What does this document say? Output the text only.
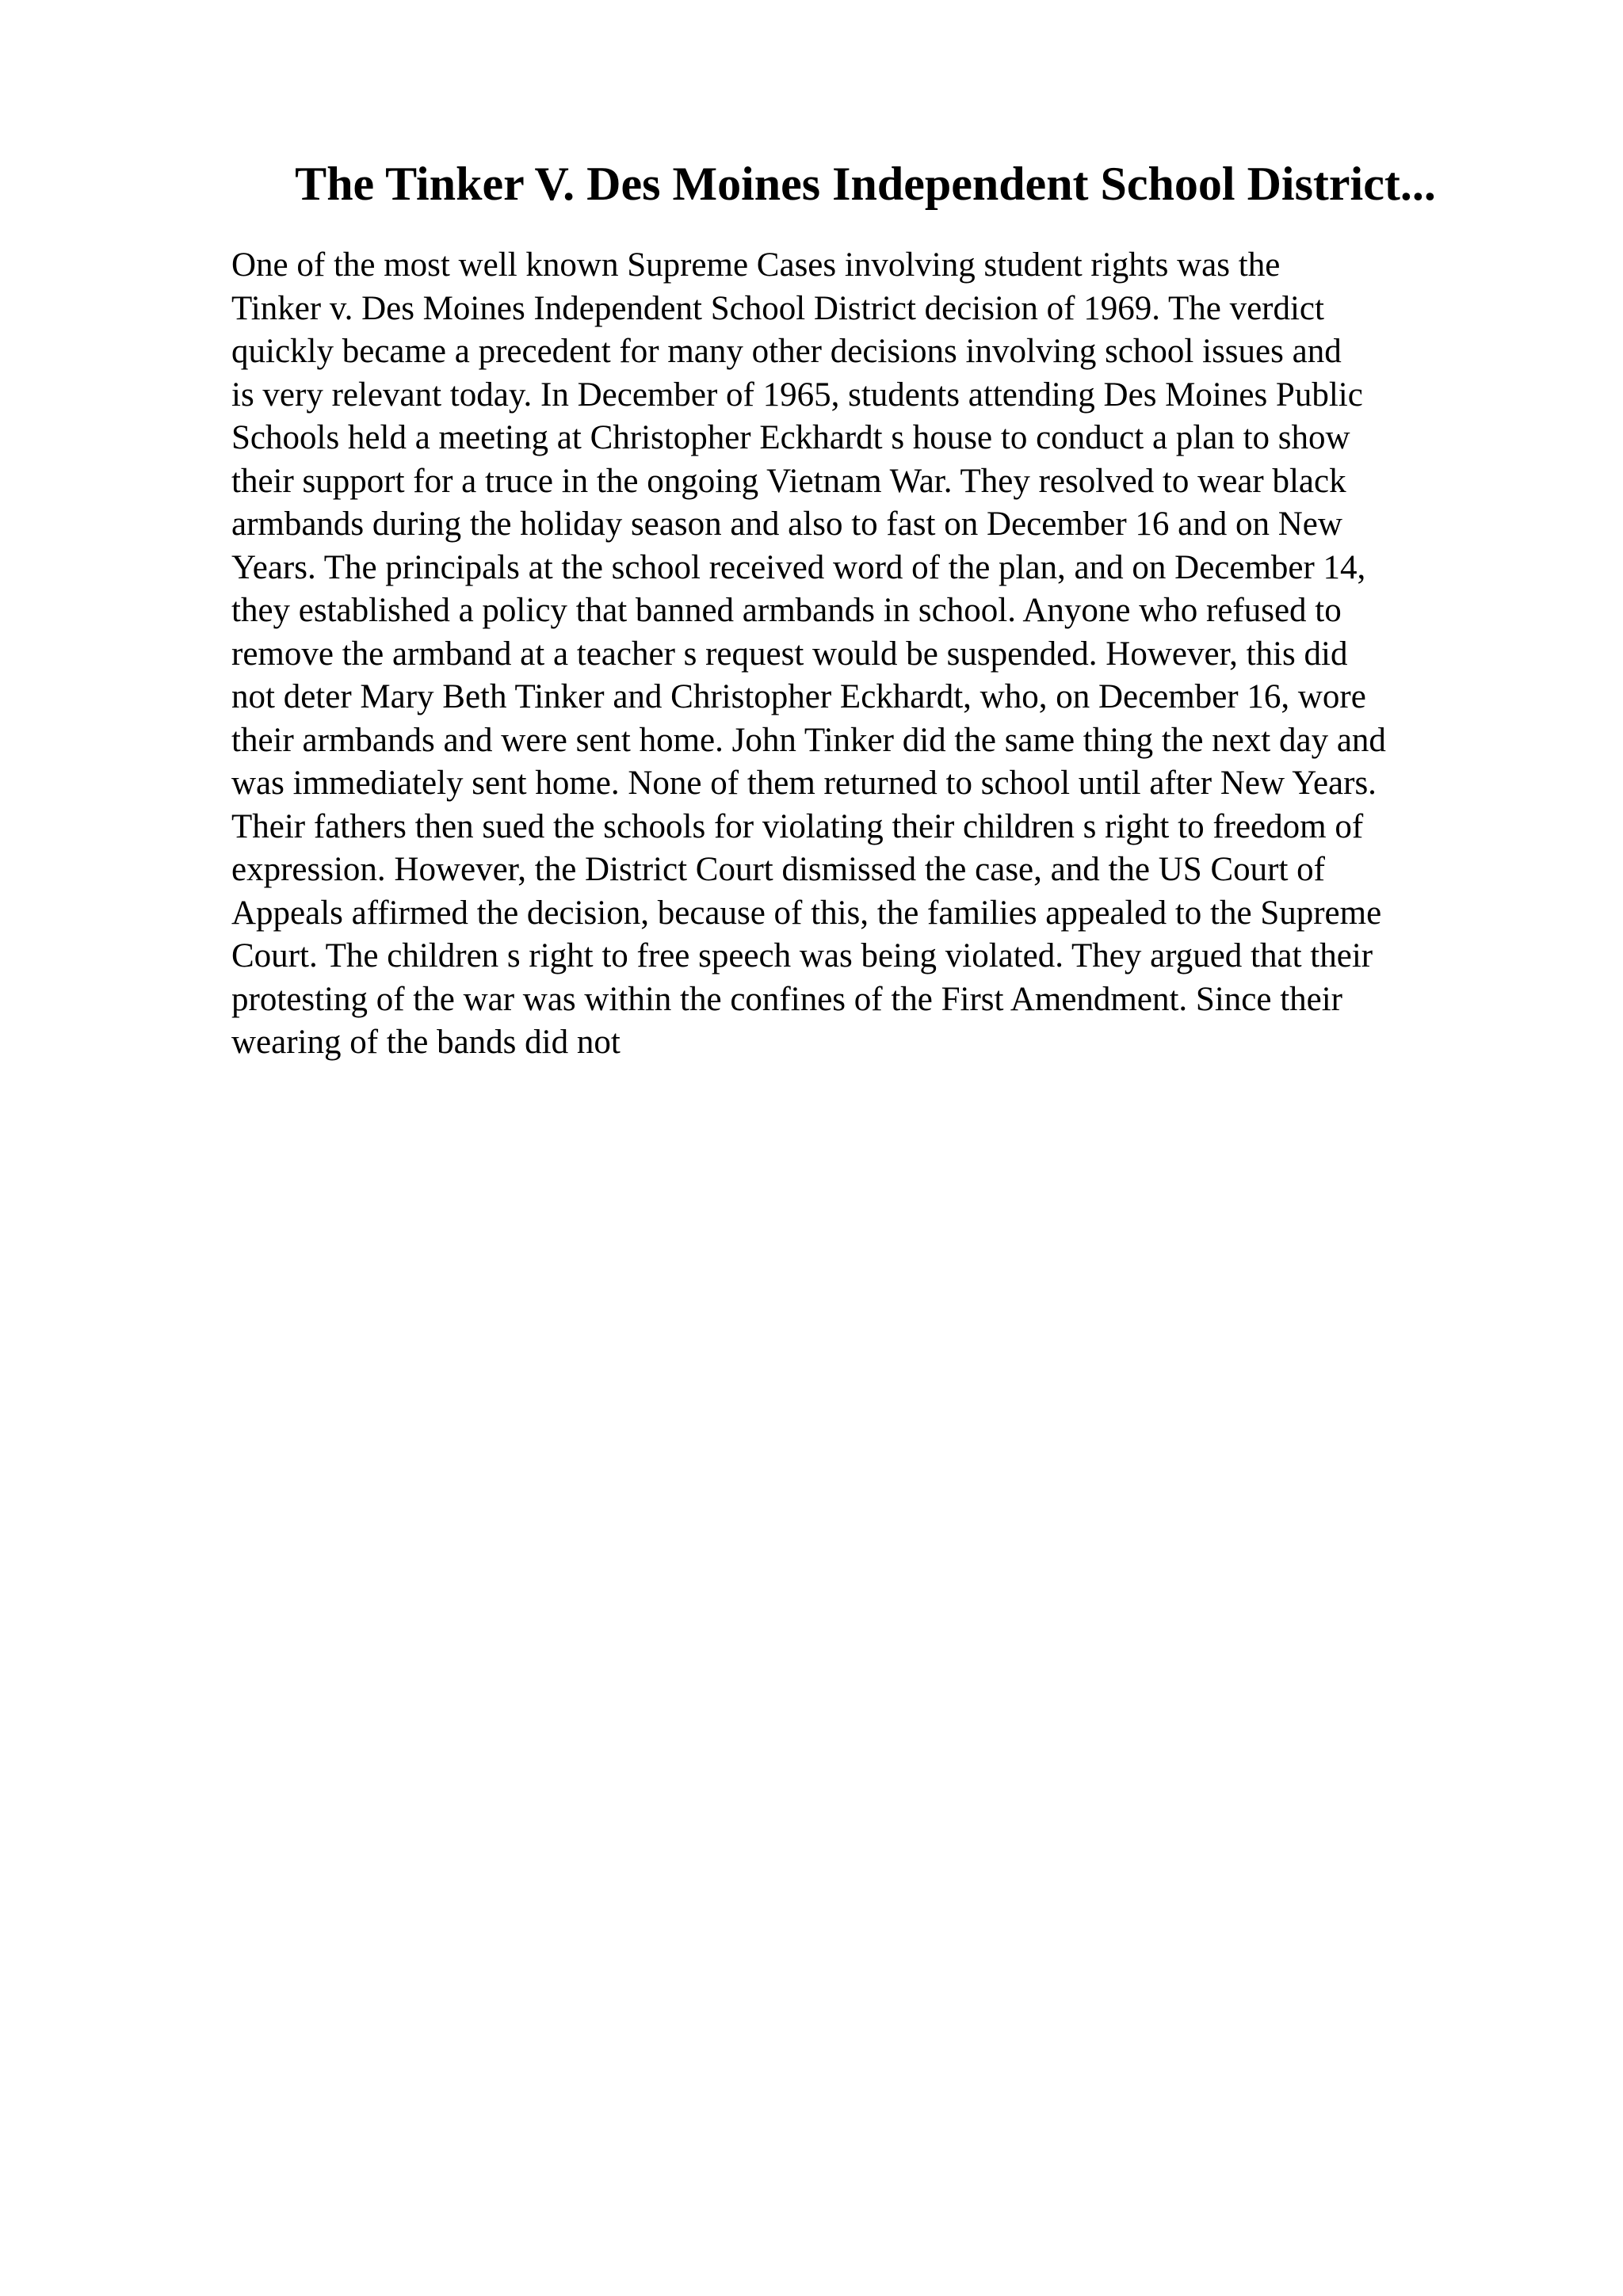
The Tinker V. Des Moines Independent School District...
One of the most well known Supreme Cases involving student rights was the
Tinker v. Des Moines Independent School District decision of 1969. The verdict
quickly became a precedent for many other decisions involving school issues and
is very relevant today. In December of 1965, students attending Des Moines Public
Schools held a meeting at Christopher Eckhardt s house to conduct a plan to show
their support for a truce in the ongoing Vietnam War. They resolved to wear black
armbands during the holiday season and also to fast on December 16 and on New
Years. The principals at the school received word of the plan, and on December 14,
they established a policy that banned armbands in school. Anyone who refused to
remove the armband at a teacher s request would be suspended. However, this did
not deter Mary Beth Tinker and Christopher Eckhardt, who, on December 16, wore
their armbands and were sent home. John Tinker did the same thing the next day and
was immediately sent home. None of them returned to school until after New Years.
Their fathers then sued the schools for violating their children s right to freedom of
expression. However, the District Court dismissed the case, and the US Court of
Appeals affirmed the decision, because of this, the families appealed to the Supreme
Court. The children s right to free speech was being violated. They argued that their
protesting of the war was within the confines of the First Amendment. Since their
wearing of the bands did not
